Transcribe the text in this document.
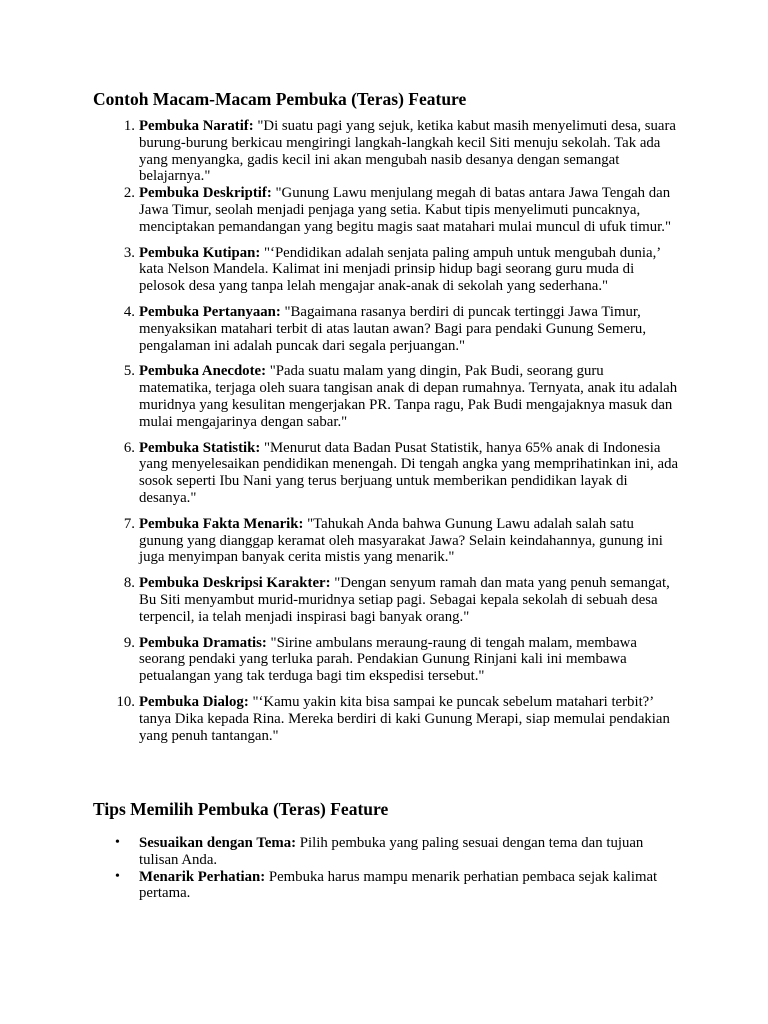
Contoh Macam-Macam Pembuka (Teras) Feature
1. Pembuka Naratif: "Di suatu pagi yang sejuk, ketika kabut masih menyelimuti desa, suara burung-burung berkicau mengiringi langkah-langkah kecil Siti menuju sekolah. Tak ada yang menyangka, gadis kecil ini akan mengubah nasib desanya dengan semangat belajarnya."
2. Pembuka Deskriptif: "Gunung Lawu menjulang megah di batas antara Jawa Tengah dan Jawa Timur, seolah menjadi penjaga yang setia. Kabut tipis menyelimuti puncaknya, menciptakan pemandangan yang begitu magis saat matahari mulai muncul di ufuk timur."
3. Pembuka Kutipan: "‘Pendidikan adalah senjata paling ampuh untuk mengubah dunia,’ kata Nelson Mandela. Kalimat ini menjadi prinsip hidup bagi seorang guru muda di pelosok desa yang tanpa lelah mengajar anak-anak di sekolah yang sederhana."
4. Pembuka Pertanyaan: "Bagaimana rasanya berdiri di puncak tertinggi Jawa Timur, menyaksikan matahari terbit di atas lautan awan? Bagi para pendaki Gunung Semeru, pengalaman ini adalah puncak dari segala perjuangan."
5. Pembuka Anecdote: "Pada suatu malam yang dingin, Pak Budi, seorang guru matematika, terjaga oleh suara tangisan anak di depan rumahnya. Ternyata, anak itu adalah muridnya yang kesulitan mengerjakan PR. Tanpa ragu, Pak Budi mengajaknya masuk dan mulai mengajarinya dengan sabar."
6. Pembuka Statistik: "Menurut data Badan Pusat Statistik, hanya 65% anak di Indonesia yang menyelesaikan pendidikan menengah. Di tengah angka yang memprihatinkan ini, ada sosok seperti Ibu Nani yang terus berjuang untuk memberikan pendidikan layak di desanya."
7. Pembuka Fakta Menarik: "Tahukah Anda bahwa Gunung Lawu adalah salah satu gunung yang dianggap keramat oleh masyarakat Jawa? Selain keindahannya, gunung ini juga menyimpan banyak cerita mistis yang menarik."
8. Pembuka Deskripsi Karakter: "Dengan senyum ramah dan mata yang penuh semangat, Bu Siti menyambut murid-muridnya setiap pagi. Sebagai kepala sekolah di sebuah desa terpencil, ia telah menjadi inspirasi bagi banyak orang."
9. Pembuka Dramatis: "Sirine ambulans meraung-raung di tengah malam, membawa seorang pendaki yang terluka parah. Pendakian Gunung Rinjani kali ini membawa petualangan yang tak terduga bagi tim ekspedisi tersebut."
10. Pembuka Dialog: "‘Kamu yakin kita bisa sampai ke puncak sebelum matahari terbit?’ tanya Dika kepada Rina. Mereka berdiri di kaki Gunung Merapi, siap memulai pendakian yang penuh tantangan."
Tips Memilih Pembuka (Teras) Feature
•	Sesuaikan dengan Tema: Pilih pembuka yang paling sesuai dengan tema dan tujuan tulisan Anda.
•	Menarik Perhatian: Pembuka harus mampu menarik perhatian pembaca sejak kalimat pertama.
